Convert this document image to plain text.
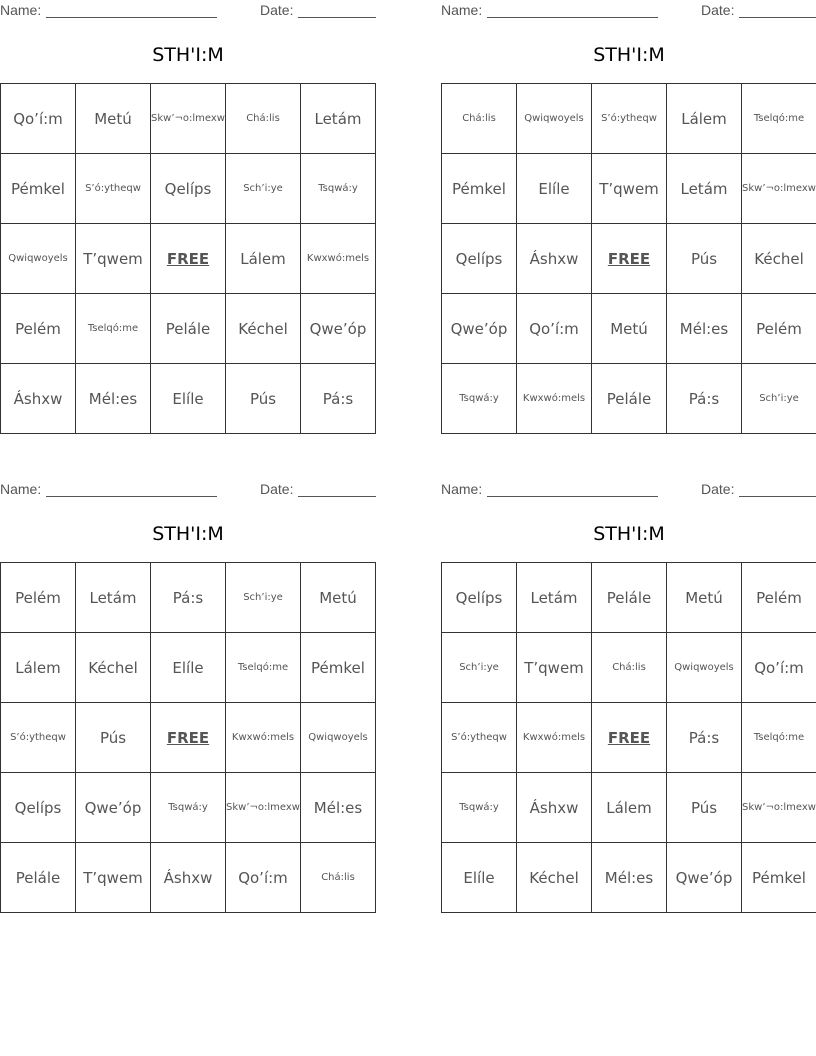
Name:	Date:
STH'I:M
Qo’í:m	Metú	Skw’¬o:lmexw	Chá:lis	Letám
Pémkel	S’ó:ytheqw	Qelíps	Sch’i:ye	Tsqwá:y
Qwiqwoyels	T’qwem	FREE	Lálem	Kwxwó:mels
Pelém	Tselqó:me	Pelále	Kéchel	Qwe’óp
Áshxw	Mél:es	Elíle	Pús	Pá:s
Name:	Date:
STH'I:M
Chá:lis	Qwiqwoyels	S’ó:ytheqw	Lálem	Tselqó:me
Pémkel	Elíle	T’qwem	Letám	Skw’¬o:lmexw
Qelíps	Áshxw	FREE	Pús	Kéchel
Qwe’óp	Qo’í:m	Metú	Mél:es	Pelém
Tsqwá:y	Kwxwó:mels	Pelále	Pá:s	Sch’i:ye
Name:	Date:
STH'I:M
Pelém	Letám	Pá:s	Sch’i:ye	Metú
Lálem	Kéchel	Elíle	Tselqó:me	Pémkel
S’ó:ytheqw	Pús	FREE	Kwxwó:mels	Qwiqwoyels
Qelíps	Qwe’óp	Tsqwá:y	Skw’¬o:lmexw	Mél:es
Pelále	T’qwem	Áshxw	Qo’í:m	Chá:lis
Name:	Date:
STH'I:M
Qelíps	Letám	Pelále	Metú	Pelém
Sch’i:ye	T’qwem	Chá:lis	Qwiqwoyels	Qo’í:m
S’ó:ytheqw	Kwxwó:mels	FREE	Pá:s	Tselqó:me
Tsqwá:y	Áshxw	Lálem	Pús	Skw’¬o:lmexw
Elíle	Kéchel	Mél:es	Qwe’óp	Pémkel
